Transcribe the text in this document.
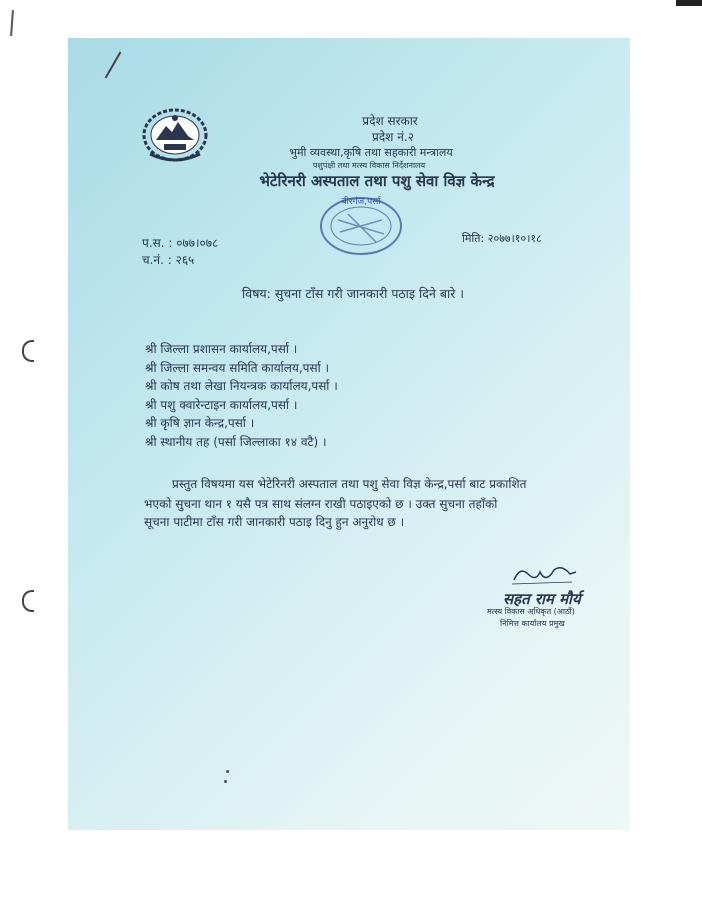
प्रदेश सरकार
प्रदेश नं.२
भुमी व्यवस्था,कृषि तथा सहकारी मन्त्रालय
पशुपंक्षी तथा मत्स्य विकास निर्देशनालय
भेटेरिनरी अस्पताल तथा पशु सेवा विज्ञ केन्द्र
बीरगंज,पर्सा
प.स. : ०७७।०७८
च.नं. : २६५
मिति: २०७७।१०।१८
विषय: सुचना टाँस गरी जानकारी पठाइ दिने बारे ।
श्री जिल्ला प्रशासन कार्यालय,पर्सा ।
श्री जिल्ला समन्वय समिति कार्यालय,पर्सा ।
श्री कोष तथा लेखा नियन्त्रक कार्यालय,पर्सा ।
श्री पशु क्वारेन्टाइन कार्यालय,पर्सा ।
श्री कृषि ज्ञान केन्द्र,पर्सा ।
श्री स्थानीय तह (पर्सा जिल्लाका १४ वटै) ।
प्रस्तुत विषयमा यस भेटेरिनरी अस्पताल तथा पशु सेवा विज्ञ केन्द्र,पर्सा बाट प्रकाशित
भएको सुचना थान १ यसै पत्र साथ संलग्न राखी पठाइएको छ । उक्त सुचना तहाँको
सूचना पाटीमा टाँस गरी जानकारी पठाइ दिनु हुन अनुरोध छ ।
सहत राम मौर्य
मत्स्य विकास अधिकृत (आठौं)
निमित्त कार्यालय प्रमुख
